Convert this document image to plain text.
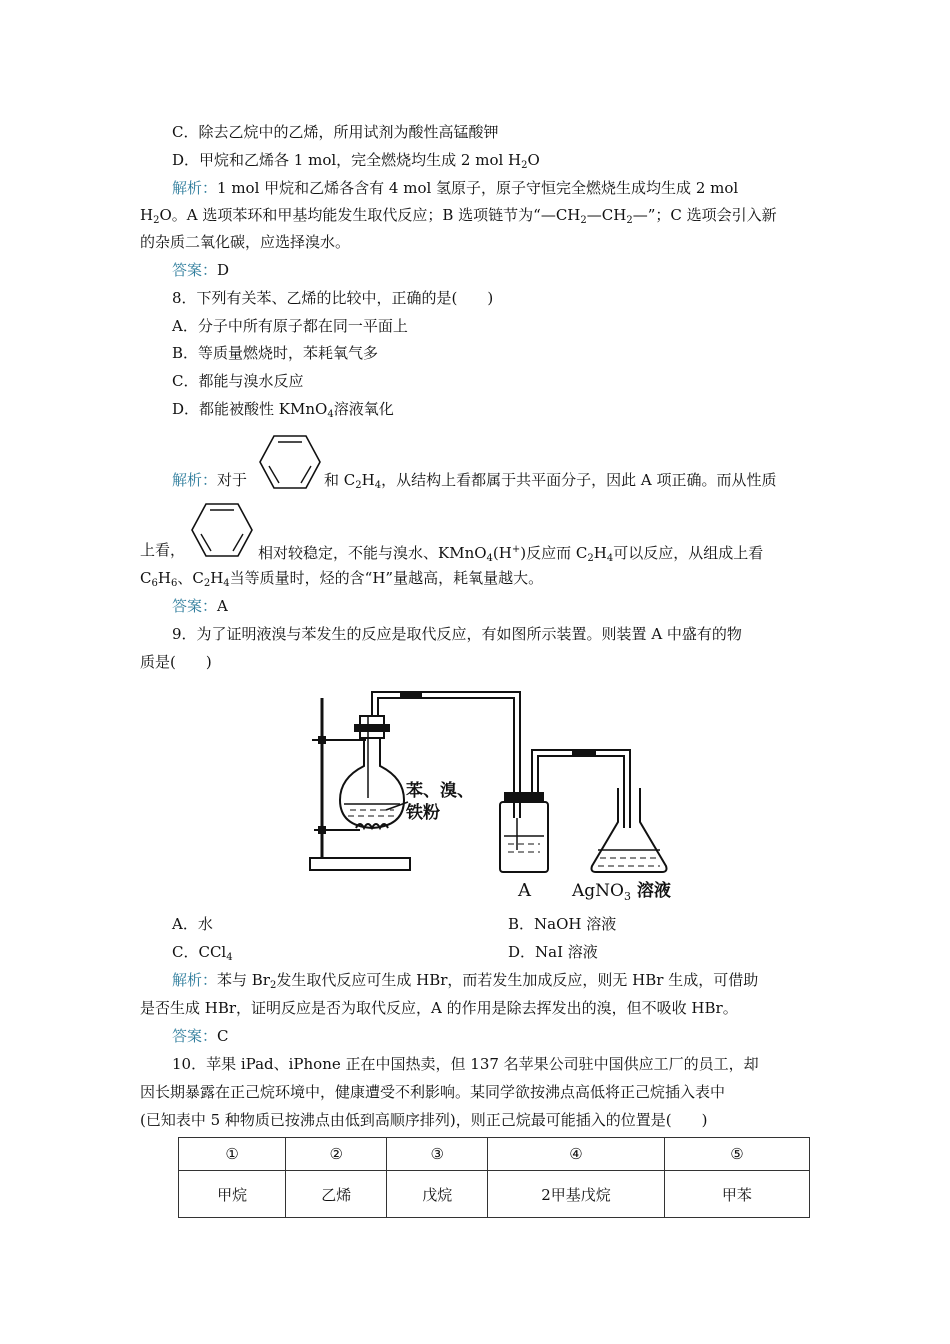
C．除去乙烷中的乙烯，所用试剂为酸性高锰酸钾
D．甲烷和乙烯各 1 mol，完全燃烧均生成 2 mol $H_2O$
解析：1 mol 甲烷和乙烯各含有 4 mol 氢原子，原子守恒完全燃烧生成均生成 2 mol
$H_2O$。A 选项苯环和甲基均能发生取代反应；B 选项链节为“$—CH_2—CH_2—$”；C 选项会引入新
的杂质二氧化碳，应选择溴水。
答案：D
8．下列有关苯、乙烯的比较中，正确的是(　　)
A．分子中所有原子都在同一平面上
B．等质量燃烧时，苯耗氧气多
C．都能与溴水反应
D．都能被酸性 KMnO$_4$溶液氧化
解析：对于	和 $C_2H_4$，从结构上看都属于共平面分子，因此 A 项正确。而从性质
上看，	相对较稳定，不能与溴水、KMnO$_4$(H+)反应而 $C_2H_4$可以反应，从组成上看
$C_6H_6$、$C_2H_4$当等质量时，烃的含“H”量越高，耗氧量越大。
答案：A
9．为了证明液溴与苯发生的反应是取代反应，有如图所示装置。则装置 A 中盛有的物
质是(　　)
苯、溴、
铁粉
A AgNO$_3$ 溶液
A．水	B．NaOH 溶液
C．CCl$_4$	D．NaI 溶液
解析：苯与 $Br_2$发生取代反应可生成 HBr，而若发生加成反应，则无 HBr 生成，可借助
是否生成 HBr，证明反应是否为取代反应，A 的作用是除去挥发出的溴，但不吸收 HBr。
答案：C
10．苹果 iPad、iPhone 正在中国热卖，但 137 名苹果公司驻中国供应工厂的员工，却
因长期暴露在正己烷环境中，健康遭受不利影响。某同学欲按沸点高低将正己烷插入表中
(已知表中 5 种物质已按沸点由低到高顺序排列)，则正己烷最可能插入的位置是(　　)
①	②	③	④	⑤
甲烷	乙烯	戊烷	2甲基戊烷	甲苯
